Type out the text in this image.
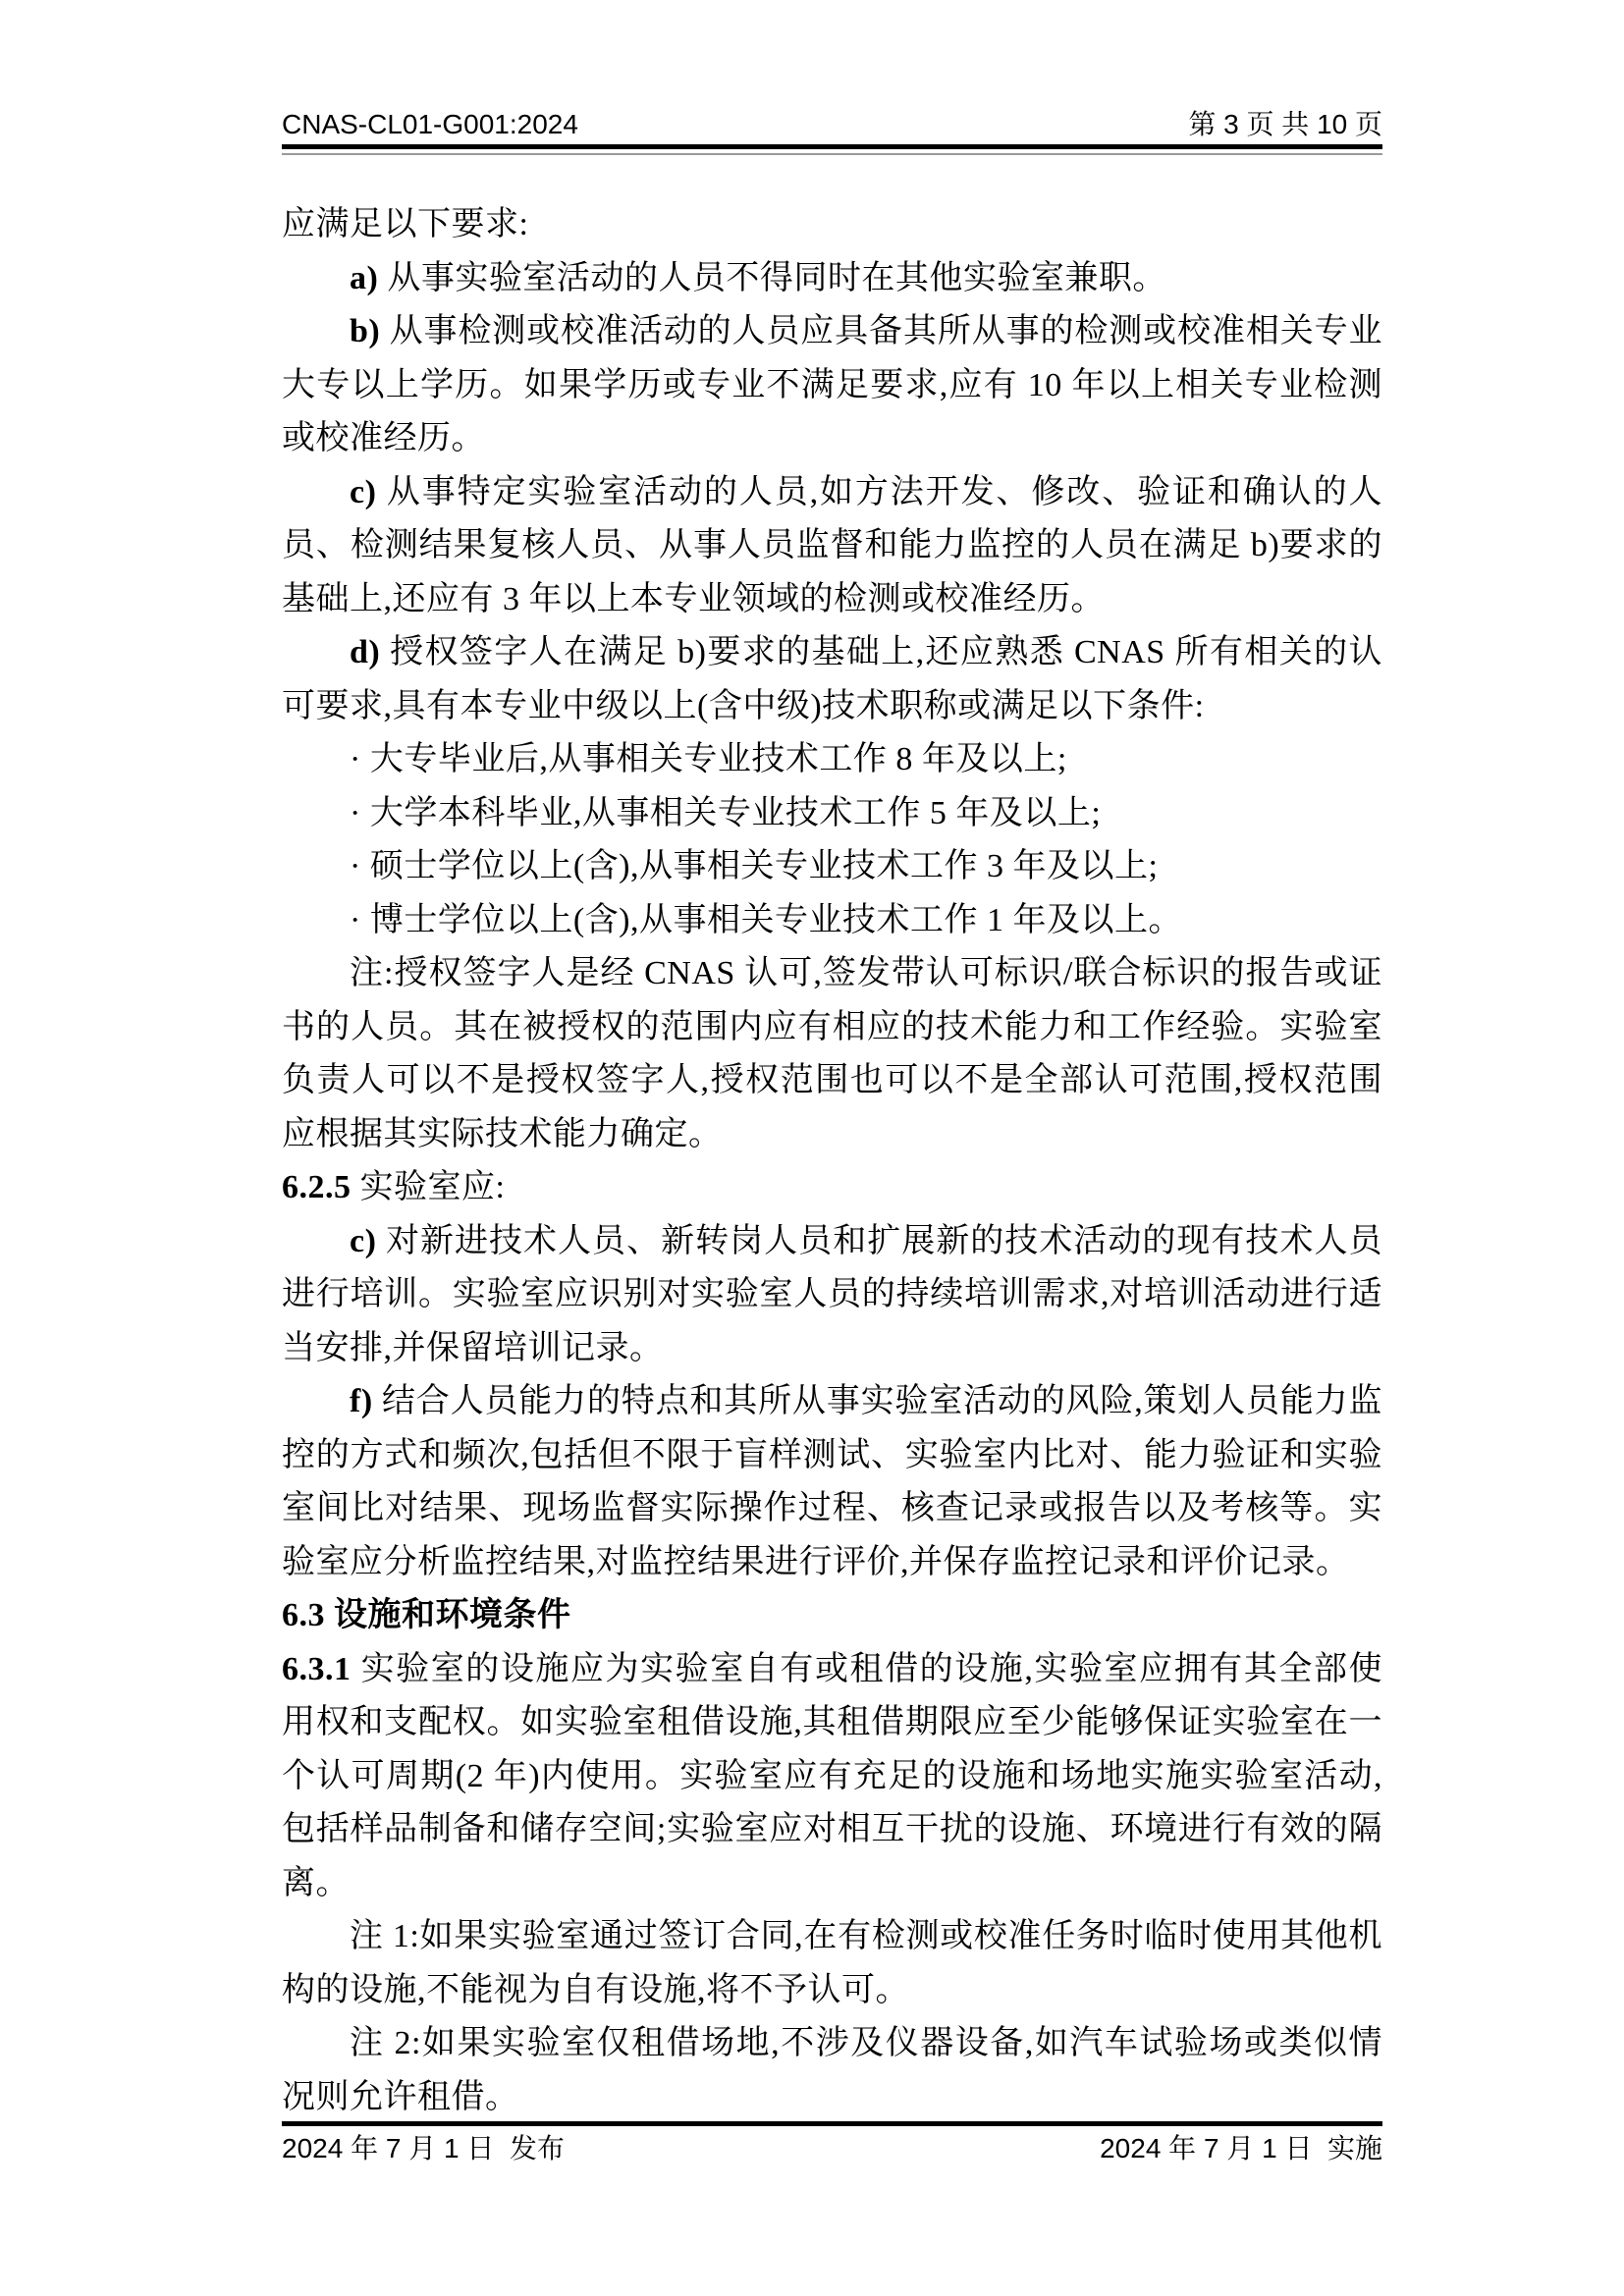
CNAS-CL01-G001:2024	第 3 页 共 10 页

应满足以下要求:

a) 从事实验室活动的人员不得同时在其他实验室兼职。

b) 从事检测或校准活动的人员应具备其所从事的检测或校准相关专业大专以上学历。如果学历或专业不满足要求,应有 10 年以上相关专业检测或校准经历。

c) 从事特定实验室活动的人员,如方法开发、修改、验证和确认的人员、检测结果复核人员、从事人员监督和能力监控的人员在满足 b)要求的基础上,还应有 3 年以上本专业领域的检测或校准经历。

d) 授权签字人在满足 b)要求的基础上,还应熟悉 CNAS 所有相关的认可要求,具有本专业中级以上(含中级)技术职称或满足以下条件:

· 大专毕业后,从事相关专业技术工作 8 年及以上;

· 大学本科毕业,从事相关专业技术工作 5 年及以上;

· 硕士学位以上(含),从事相关专业技术工作 3 年及以上;

· 博士学位以上(含),从事相关专业技术工作 1 年及以上。

注:授权签字人是经 CNAS 认可,签发带认可标识/联合标识的报告或证书的人员。其在被授权的范围内应有相应的技术能力和工作经验。实验室负责人可以不是授权签字人,授权范围也可以不是全部认可范围,授权范围应根据其实际技术能力确定。

6.2.5 实验室应:

c) 对新进技术人员、新转岗人员和扩展新的技术活动的现有技术人员进行培训。实验室应识别对实验室人员的持续培训需求,对培训活动进行适当安排,并保留培训记录。

f) 结合人员能力的特点和其所从事实验室活动的风险,策划人员能力监控的方式和频次,包括但不限于盲样测试、实验室内比对、能力验证和实验室间比对结果、现场监督实际操作过程、核查记录或报告以及考核等。实验室应分析监控结果,对监控结果进行评价,并保存监控记录和评价记录。

6.3 设施和环境条件

6.3.1 实验室的设施应为实验室自有或租借的设施,实验室应拥有其全部使用权和支配权。如实验室租借设施,其租借期限应至少能够保证实验室在一个认可周期(2 年)内使用。实验室应有充足的设施和场地实施实验室活动,包括样品制备和储存空间;实验室应对相互干扰的设施、环境进行有效的隔离。

注 1:如果实验室通过签订合同,在有检测或校准任务时临时使用其他机构的设施,不能视为自有设施,将不予认可。

注 2:如果实验室仅租借场地,不涉及仪器设备,如汽车试验场或类似情况则允许租借。

2024 年 7 月 1 日  发布	2024 年 7 月 1 日  实施
